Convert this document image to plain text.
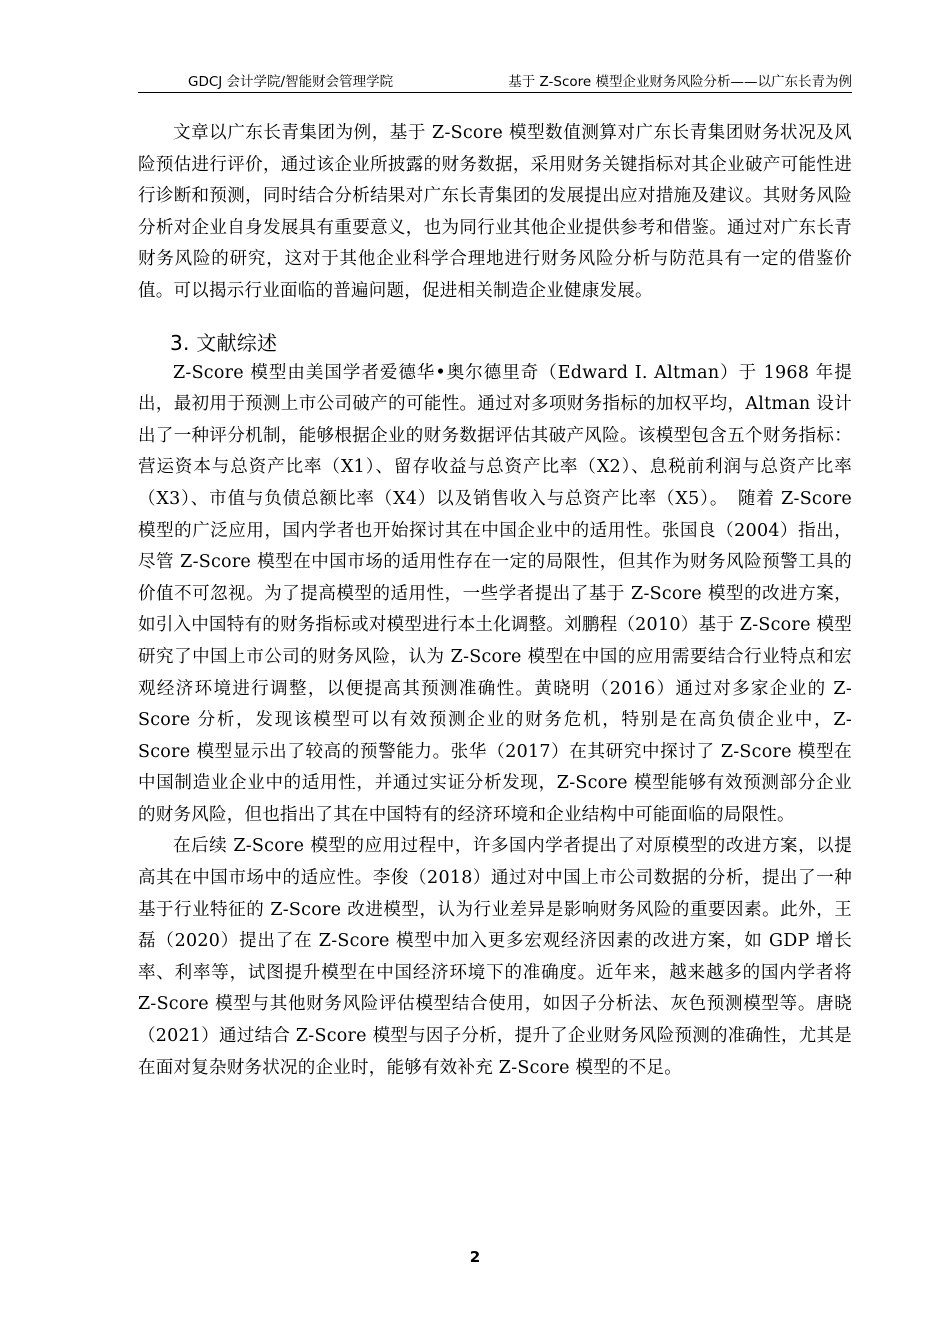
GDCJ 会计学院/智能财会管理学院	基于 Z-Score 模型企业财务风险分析——以广东长青为例

文章以广东长青集团为例，基于 Z-Score 模型数值测算对广东长青集团财务状况及风险预估进行评价，通过该企业所披露的财务数据，采用财务关键指标对其企业破产可能性进行诊断和预测，同时结合分析结果对广东长青集团的发展提出应对措施及建议。其财务风险分析对企业自身发展具有重要意义，也为同行业其他企业提供参考和借鉴。通过对广东长青财务风险的研究，这对于其他企业科学合理地进行财务风险分析与防范具有一定的借鉴价值。可以揭示行业面临的普遍问题，促进相关制造企业健康发展。

3. 文献综述

Z-Score 模型由美国学者爱德华•奥尔德里奇（Edward I. Altman）于 1968 年提出，最初用于预测上市公司破产的可能性。通过对多项财务指标的加权平均，Altman 设计出了一种评分机制，能够根据企业的财务数据评估其破产风险。该模型包含五个财务指标：营运资本与总资产比率（X1）、留存收益与总资产比率（X2）、息税前利润与总资产比率（X3）、市值与负债总额比率（X4）以及销售收入与总资产比率（X5）。　随着 Z-Score 模型的广泛应用，国内学者也开始探讨其在中国企业中的适用性。张国良（2004）指出，尽管 Z-Score 模型在中国市场的适用性存在一定的局限性，但其作为财务风险预警工具的价值不可忽视。为了提高模型的适用性，一些学者提出了基于 Z-Score 模型的改进方案，如引入中国特有的财务指标或对模型进行本土化调整。刘鹏程（2010）基于 Z-Score 模型研究了中国上市公司的财务风险，认为 Z-Score 模型在中国的应用需要结合行业特点和宏观经济环境进行调整，以便提高其预测准确性。黄晓明（2016）通过对多家企业的 Z-Score 分析，发现该模型可以有效预测企业的财务危机，特别是在高负债企业中，Z-Score 模型显示出了较高的预警能力。张华（2017）在其研究中探讨了 Z-Score 模型在中国制造业企业中的适用性，并通过实证分析发现，Z-Score 模型能够有效预测部分企业的财务风险，但也指出了其在中国特有的经济环境和企业结构中可能面临的局限性。

在后续 Z-Score 模型的应用过程中，许多国内学者提出了对原模型的改进方案，以提高其在中国市场中的适应性。李俊（2018）通过对中国上市公司数据的分析，提出了一种基于行业特征的 Z-Score 改进模型，认为行业差异是影响财务风险的重要因素。此外，王磊（2020）提出了在 Z-Score 模型中加入更多宏观经济因素的改进方案，如 GDP 增长率、利率等，试图提升模型在中国经济环境下的准确度。近年来，越来越多的国内学者将 Z-Score 模型与其他财务风险评估模型结合使用，如因子分析法、灰色预测模型等。唐晓（2021）通过结合 Z-Score 模型与因子分析，提升了企业财务风险预测的准确性，尤其是在面对复杂财务状况的企业时，能够有效补充 Z-Score 模型的不足。

2
